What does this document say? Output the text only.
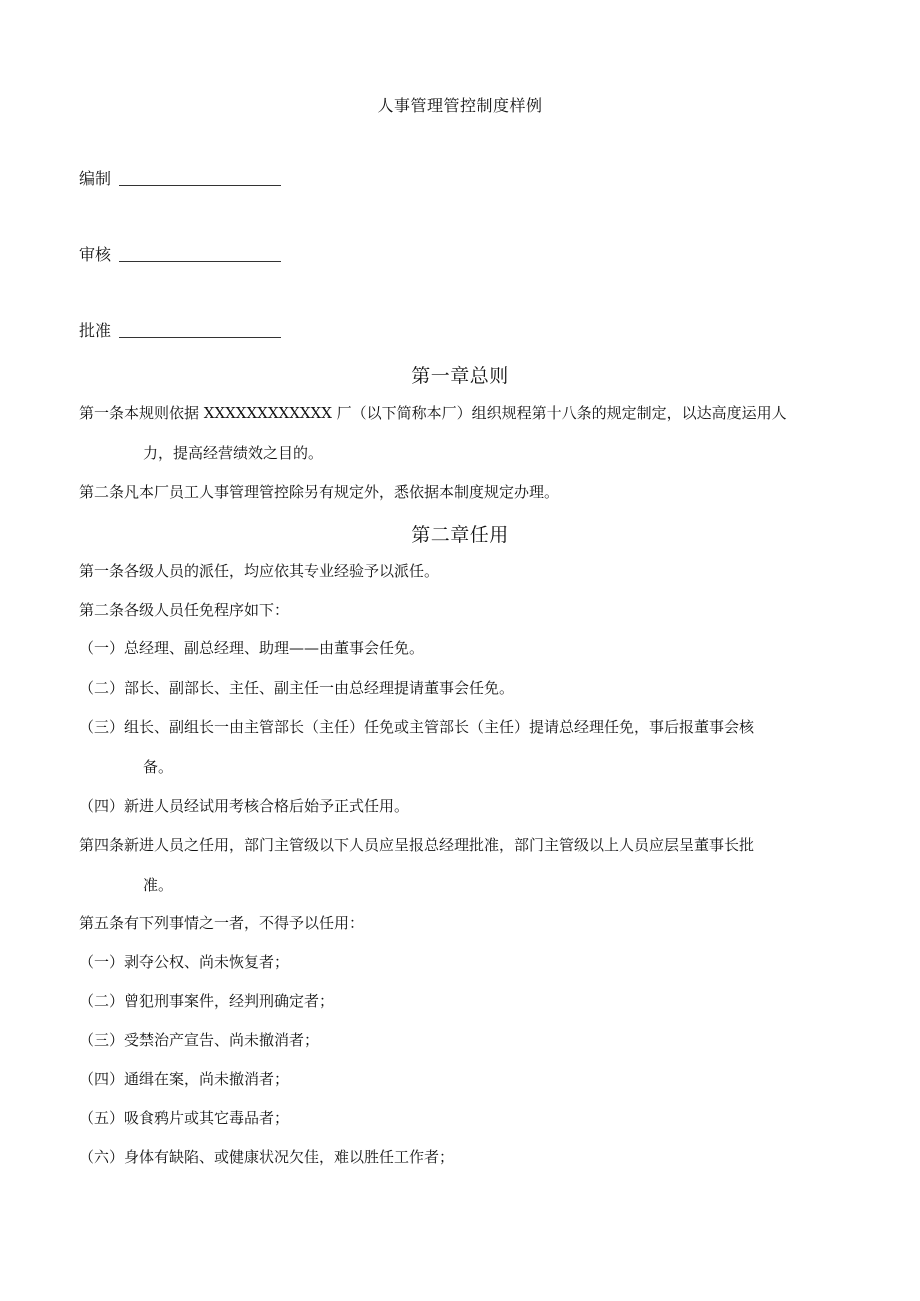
人事管理管控制度样例
编制
审核
批准
第一章总则
第一条本规则依据 XXXXXXXXXXXX 厂（以下简称本厂）组织规程第十八条的规定制定，以达高度运用人
力，提高经营绩效之目的。
第二条凡本厂员工人事管理管控除另有规定外，悉依据本制度规定办理。
第二章任用
第一条各级人员的派任，均应依其专业经验予以派任。
第二条各级人员任免程序如下：
（一）总经理、副总经理、助理——由董事会任免。
（二）部长、副部长、主任、副主任一由总经理提请董事会任免。
（三）组长、副组长一由主管部长（主任）任免或主管部长（主任）提请总经理任免，事后报董事会核
备。
（四）新进人员经试用考核合格后始予正式任用。
第四条新进人员之任用，部门主管级以下人员应呈报总经理批准，部门主管级以上人员应层呈董事长批
准。
第五条有下列事情之一者，不得予以任用：
（一）剥夺公权、尚未恢复者；
（二）曾犯刑事案件，经判刑确定者；
（三）受禁治产宣告、尚未撤消者；
（四）通缉在案，尚未撤消者；
（五）吸食鸦片或其它毒品者；
（六）身体有缺陷、或健康状况欠佳，难以胜任工作者；
